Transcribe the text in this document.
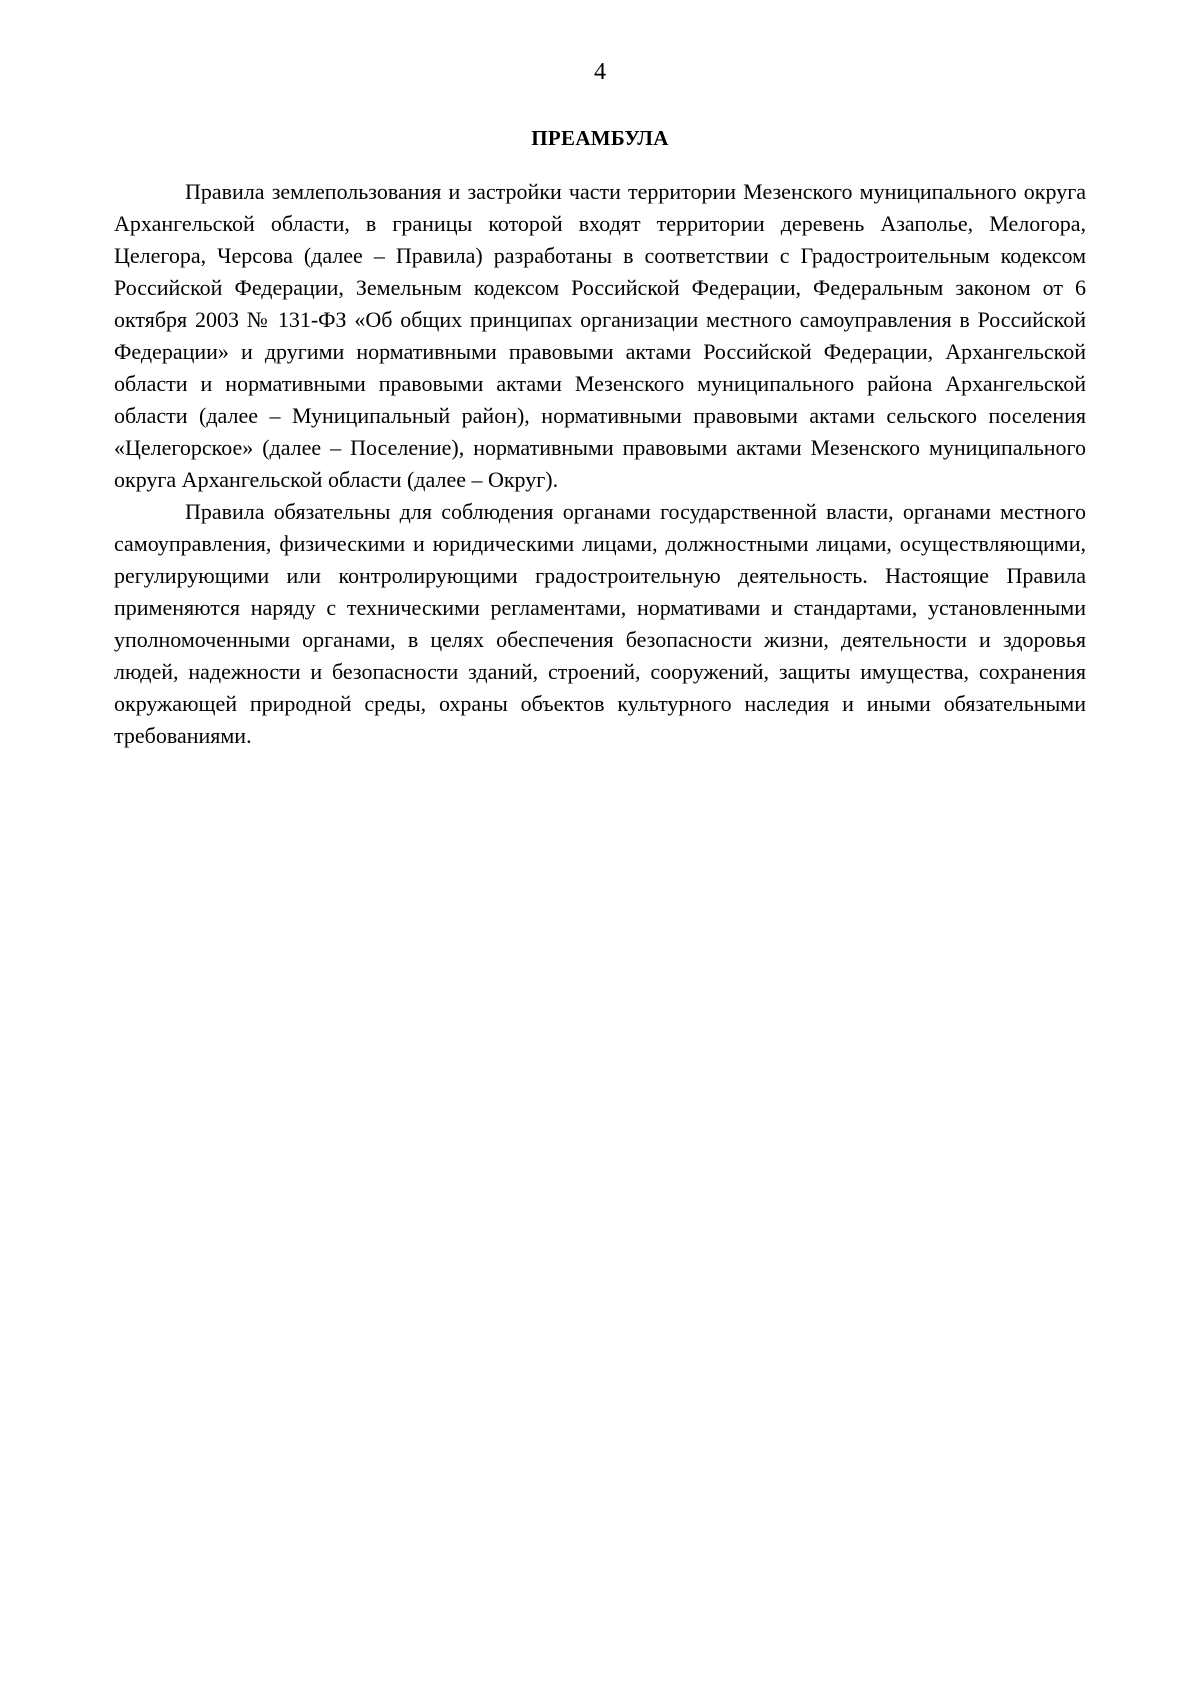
4
ПРЕАМБУЛА

Правила землепользования и застройки части территории Мезенского муниципального округа Архангельской области, в границы которой входят территории деревень Азаполье, Мелогора, Целегора, Черсова (далее – Правила) разработаны в соответствии с Градостроительным кодексом Российской Федерации, Земельным кодексом Российской Федерации, Федеральным законом от 6 октября 2003 № 131-ФЗ «Об общих принципах организации местного самоуправления в Российской Федерации» и другими нормативными правовыми актами Российской Федерации, Архангельской области и нормативными правовыми актами Мезенского муниципального района Архангельской области (далее – Муниципальный район), нормативными правовыми актами сельского поселения «Целегорское» (далее – Поселение), нормативными правовыми актами Мезенского муниципального округа Архангельской области (далее – Округ).

Правила обязательны для соблюдения органами государственной власти, органами местного самоуправления, физическими и юридическими лицами, должностными лицами, осуществляющими, регулирующими или контролирующими градостроительную деятельность. Настоящие Правила применяются наряду с техническими регламентами, нормативами и стандартами, установленными уполномоченными органами, в целях обеспечения безопасности жизни, деятельности и здоровья людей, надежности и безопасности зданий, строений, сооружений, защиты имущества, сохранения окружающей природной среды, охраны объектов культурного наследия и иными обязательными требованиями.
